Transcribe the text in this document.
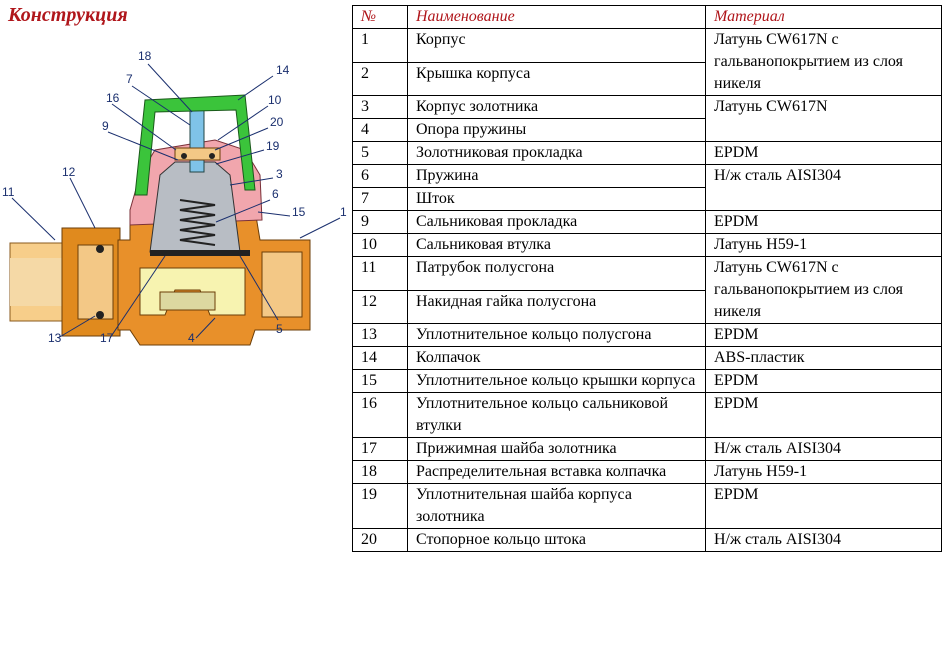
Конструкция
18
7
14
16	10
9	20
19
3
6
15	1
12
11
13	17	4
5
№	Наименование	Материал
1	Корпус	Латунь CW617N с гальванопокрытием из слоя никеля
2	Крышка корпуса	
3	Корпус золотника	Латунь CW617N
4	Опора пружины	
5	Золотниковая прокладка	EPDM
6	Пружина	Н/ж сталь AISI304
7	Шток	
9	Сальниковая прокладка	EPDM
10	Сальниковая втулка	Латунь H59-1
11	Патрубок полусгона	Латунь CW617N с гальванопокрытием из слоя никеля
12	Накидная гайка полусгона	
13	Уплотнительное кольцо полусгона	EPDM
14	Колпачок	ABS-пластик
15	Уплотнительное кольцо крышки корпуса	EPDM
16	Уплотнительное кольцо сальниковой втулки	EPDM
17	Прижимная шайба золотника	Н/ж сталь AISI304
18	Распределительная вставка колпачка	Латунь H59-1
19	Уплотнительная шайба корпуса золотника	EPDM
20	Стопорное кольцо штока	Н/ж сталь AISI304
